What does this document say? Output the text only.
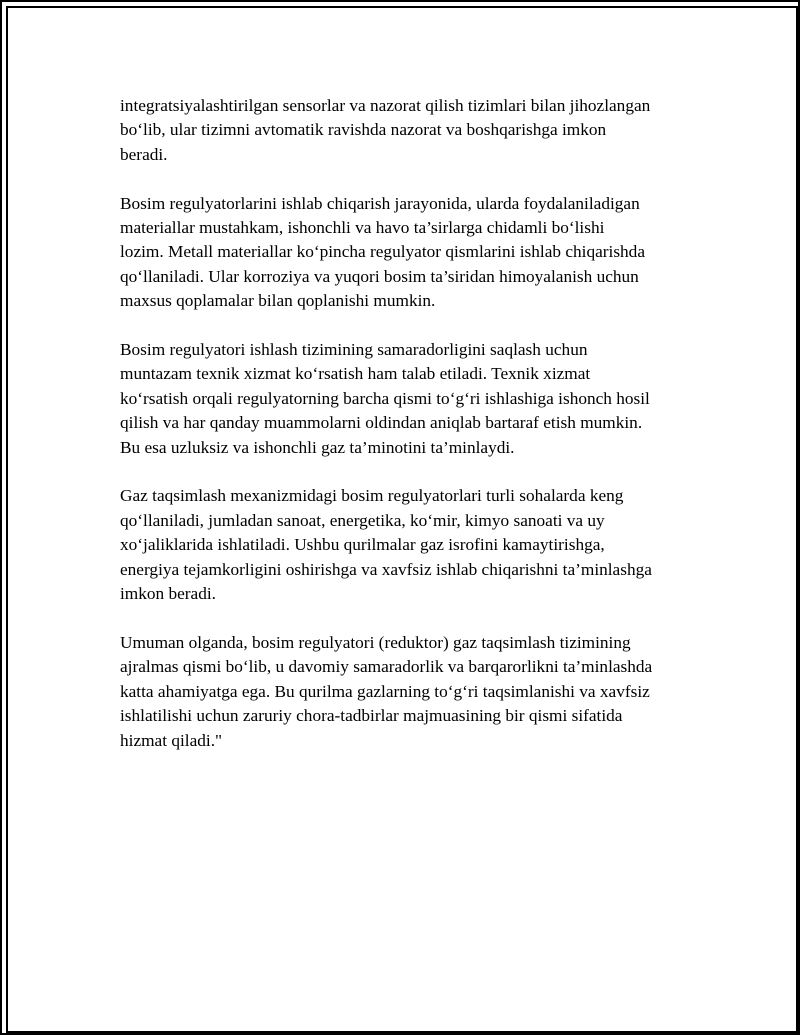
integratsiyalashtirilgan sensorlar va nazorat qilish tizimlari bilan jihozlangan
bo‘lib, ular tizimni avtomatik ravishda nazorat va boshqarishga imkon
beradi.

Bosim regulyatorlarini ishlab chiqarish jarayonida, ularda foydalaniladigan
materiallar mustahkam, ishonchli va havo ta’sirlarga chidamli bo‘lishi
lozim. Metall materiallar ko‘pincha regulyator qismlarini ishlab chiqarishda
qo‘llaniladi. Ular korroziya va yuqori bosim ta’siridan himoyalanish uchun
maxsus qoplamalar bilan qoplanishi mumkin.

Bosim regulyatori ishlash tizimining samaradorligini saqlash uchun
muntazam texnik xizmat ko‘rsatish ham talab etiladi. Texnik xizmat
ko‘rsatish orqali regulyatorning barcha qismi to‘g‘ri ishlashiga ishonch hosil
qilish va har qanday muammolarni oldindan aniqlab bartaraf etish mumkin.
Bu esa uzluksiz va ishonchli gaz ta’minotini ta’minlaydi.

Gaz taqsimlash mexanizmidagi bosim regulyatorlari turli sohalarda keng
qo‘llaniladi, jumladan sanoat, energetika, ko‘mir, kimyo sanoati va uy
xo‘jaliklarida ishlatiladi. Ushbu qurilmalar gaz isrofini kamaytirishga,
energiya tejamkorligini oshirishga va xavfsiz ishlab chiqarishni ta’minlashga
imkon beradi.

Umuman olganda, bosim regulyatori (reduktor) gaz taqsimlash tizimining
ajralmas qismi bo‘lib, u davomiy samaradorlik va barqarorlikni ta’minlashda
katta ahamiyatga ega. Bu qurilma gazlarning to‘g‘ri taqsimlanishi va xavfsiz
ishlatilishi uchun zaruriy chora-tadbirlar majmuasining bir qismi sifatida
hizmat qiladi."
